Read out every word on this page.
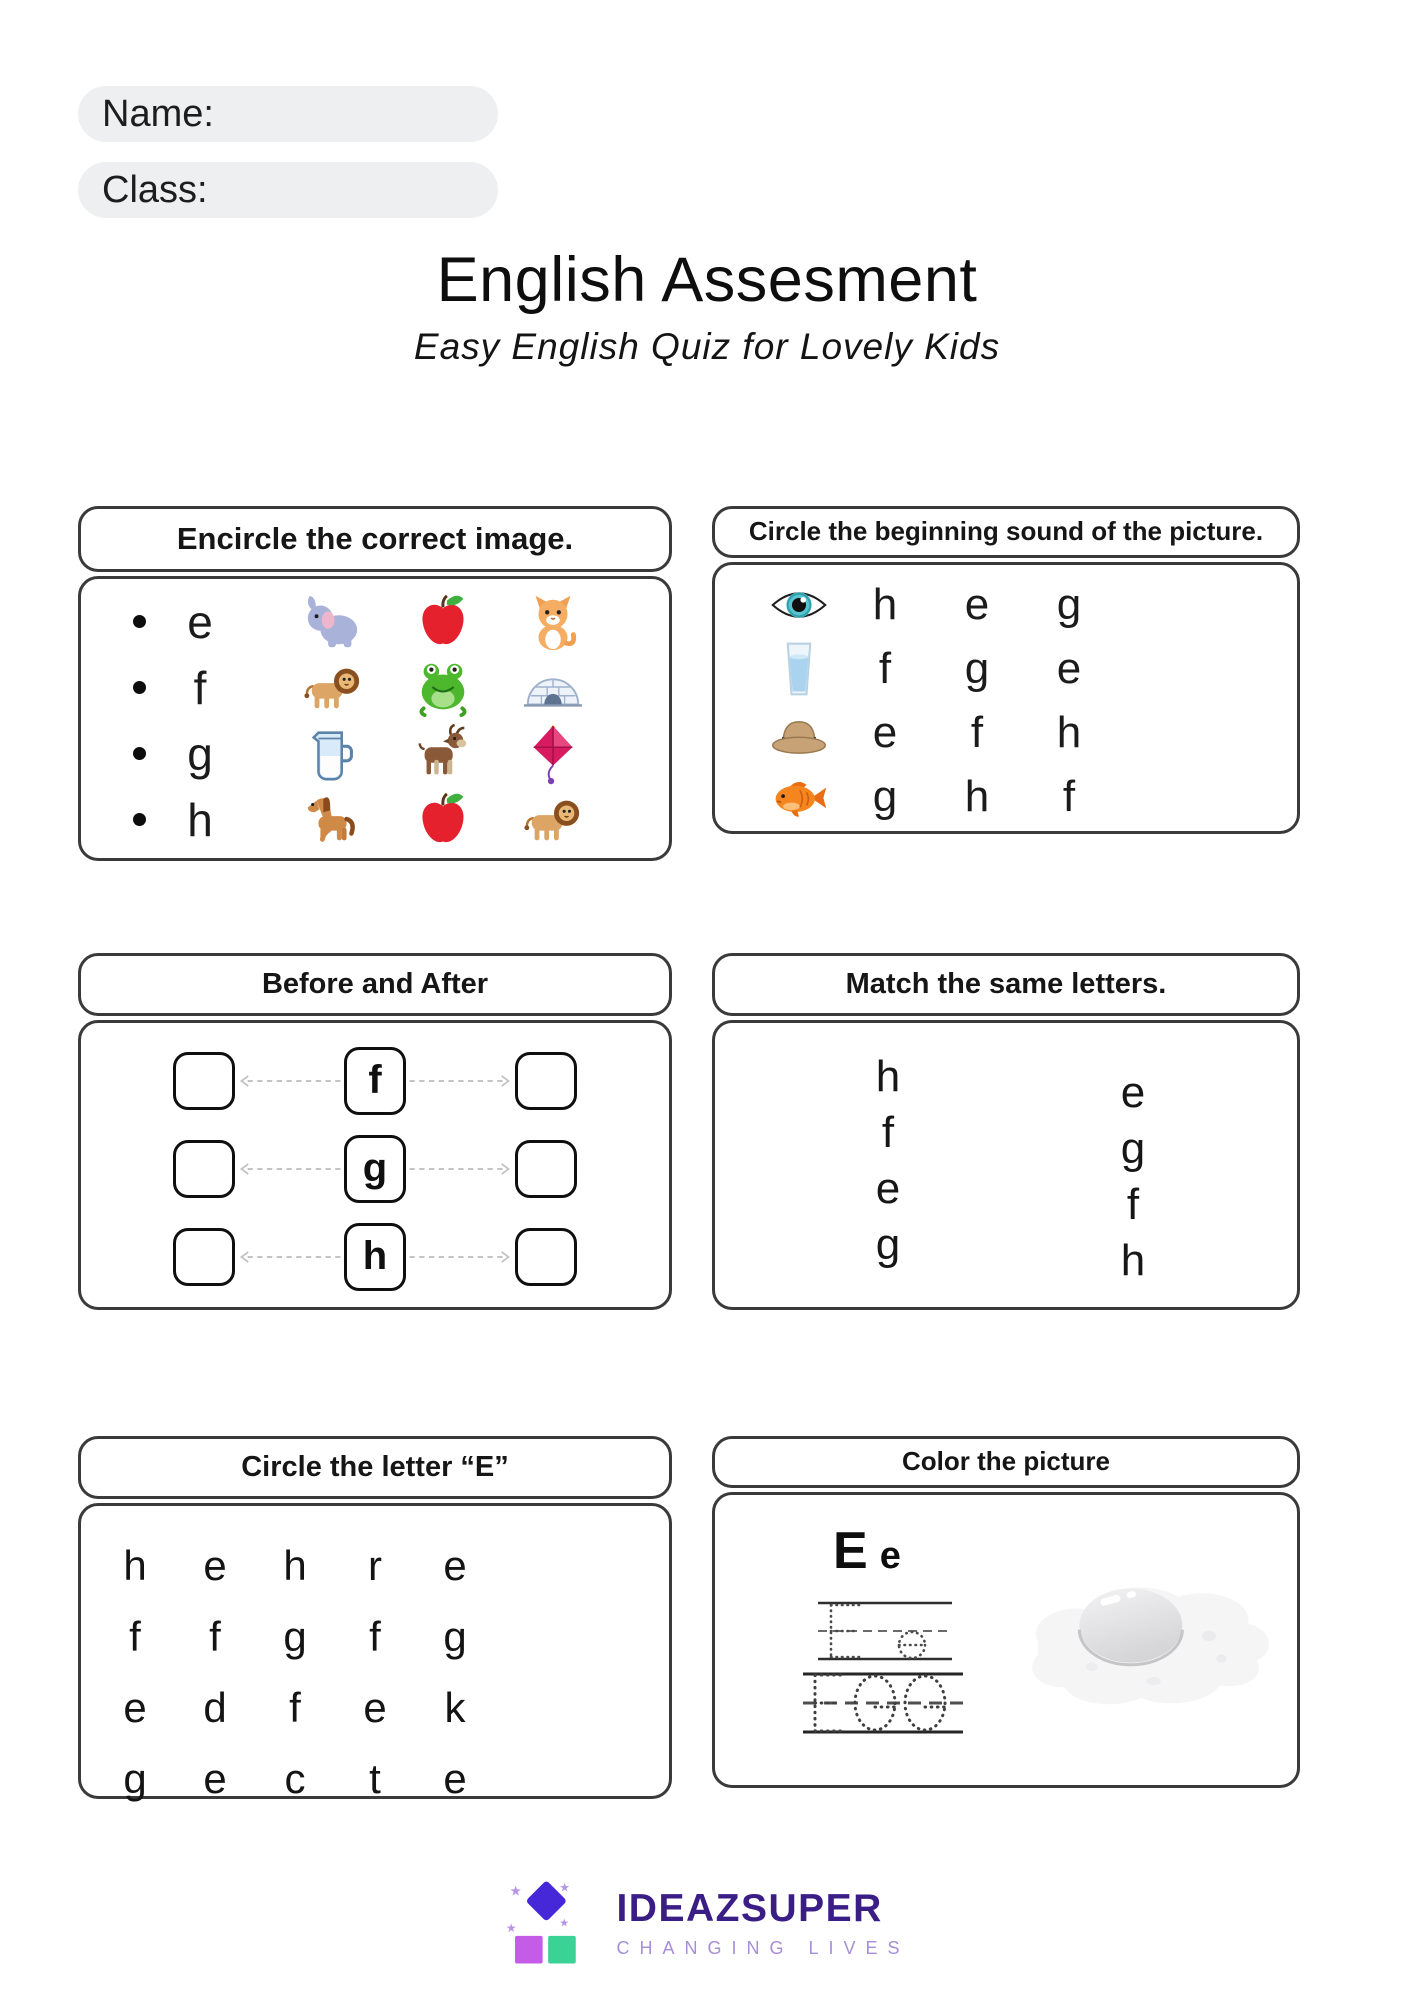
Name:
Class:
English Assesment
Easy English Quiz for Lovely Kids
Encircle the correct image.
e
f
g
h
Circle the beginning sound of the picture.
h	e	g
f	g	e
e	f	h
g	h	f
Before and After
f
g
h
Match the same letters.
h
f
e
g
e
g
f
h
Circle the letter “E”
h	e	h	r	e
f	f	g	f	g
e	d	f	e	k
g	e	c	t	e
Color the picture
E e
★	★
★	★ IDEAZSUPER
CHANGING LIVES
